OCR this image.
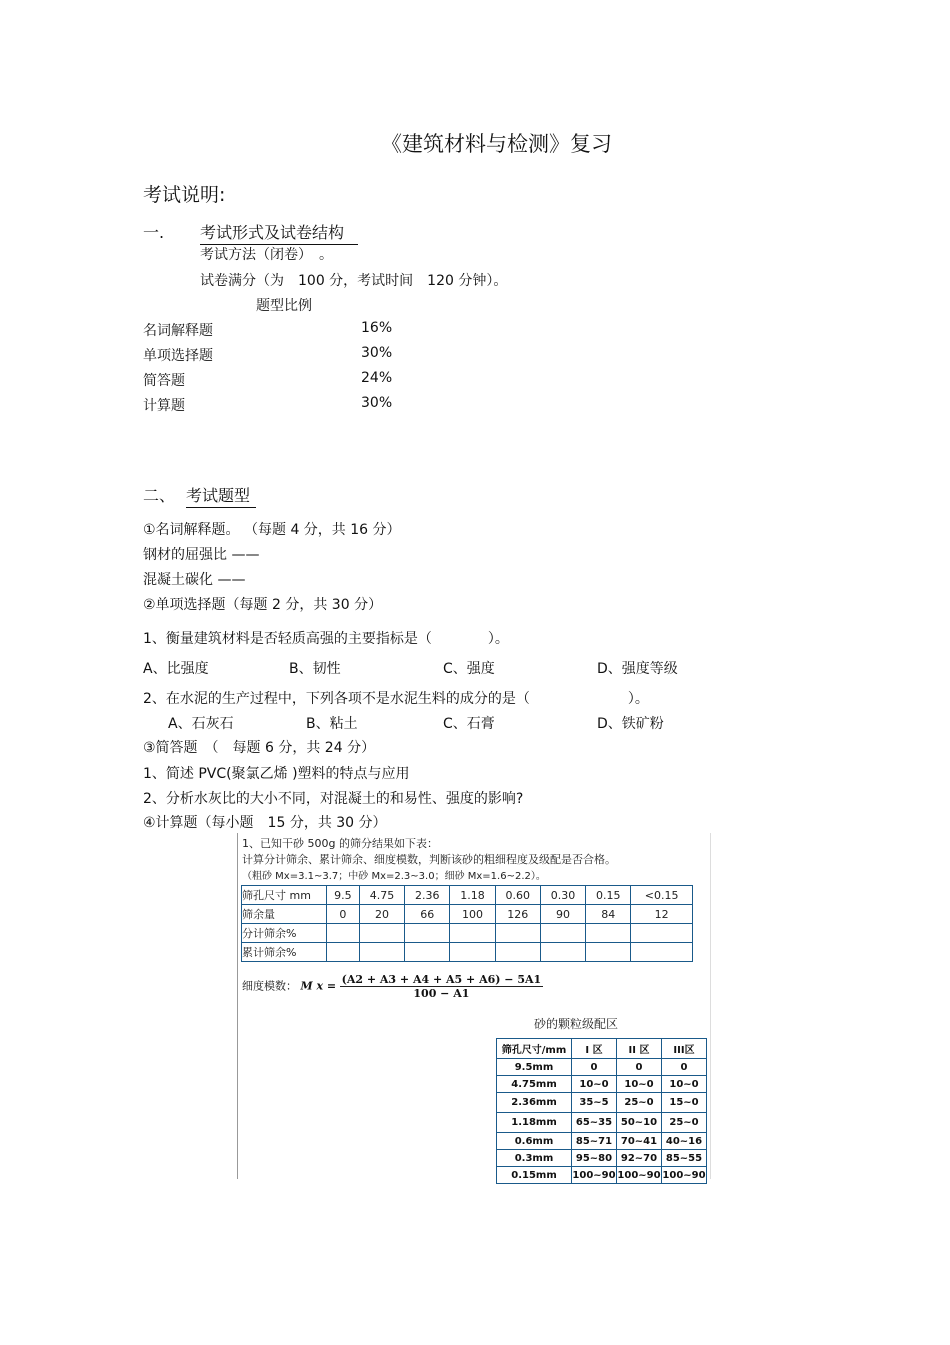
《建筑材料与检测》复习
考试说明:
一. 考试形式及试卷结构
考试方法（闭卷）　。
试卷满分（为　100 分，考试时间　120 分钟）。
题型比例
名词解释题	16%
单项选择题	30%
简答题	24%
计算题	30%
二、 考试题型
①名词解释题。 （每题 4 分，共 16 分）
钢材的屈强比 ——
混凝土碳化 ——
②单项选择题（每题 2 分，共 30 分）
1、衡量建筑材料是否轻质高强的主要指标是（　　　　）。
A、比强度	B、韧性	C、强度	D、强度等级
2、在水泥的生产过程中，下列各项不是水泥生料的成分的是（　　　　　　　）。
A、石灰石	B、粘土	C、石膏	D、铁矿粉
③简答题　（　每题 6 分，共 24 分）
1、简述 PVC(聚氯乙烯 )塑料的特点与应用
2、分析水灰比的大小不同，对混凝土的和易性、强度的影响?
④计算题（每小题　15 分，共 30 分）
1、已知干砂 500g 的筛分结果如下表：
计算分计筛余、累计筛余、细度模数，判断该砂的粗细程度及级配是否合格。
（粗砂 Mx=3.1~3.7；中砂 Mx=2.3~3.0；细砂 Mx=1.6~2.2）。
筛孔尺寸 mm	9.5	4.75	2.36	1.18	0.60	0.30	0.15	<0.15
筛余量	0	20	66	100	126	90	84	12
分计筛余%								
累计筛余%								
细度模数： M $x = \frac{(A2 + A3 + A4 + A5 + A6) - 5A1}{100 - A1}$
砂的颗粒级配区
筛孔尺寸/mm	I 区	II 区	III区
9.5mm	0	0	0
4.75mm	10~0	10~0	10~0
2.36mm	35~5	25~0	15~0
1.18mm	65~35	50~10	25~0
0.6mm	85~71	70~41	40~16
0.3mm	95~80	92~70	85~55
0.15mm	100~90	100~90	100~90
